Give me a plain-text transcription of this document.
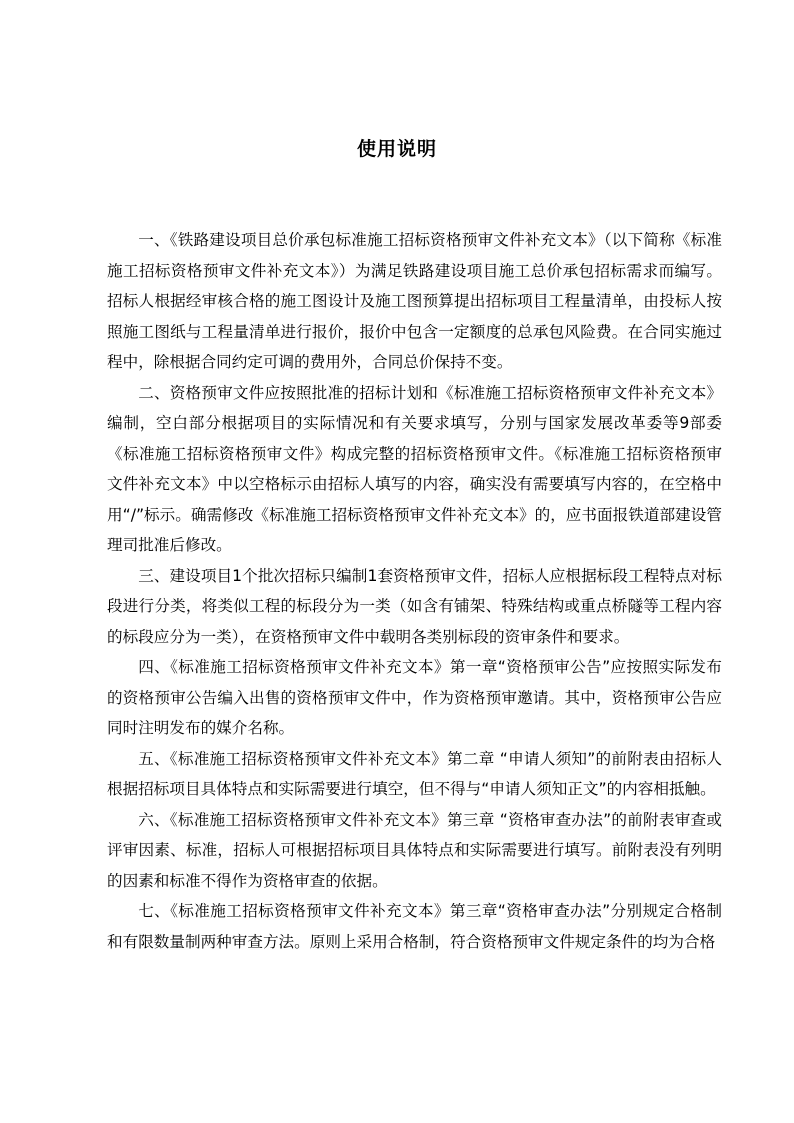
使用说明

一、《铁路建设项目总价承包标准施工招标资格预审文件补充文本》（以下简称《标准施工招标资格预审文件补充文本》）为满足铁路建设项目施工总价承包招标需求而编写。招标人根据经审核合格的施工图设计及施工图预算提出招标项目工程量清单，由投标人按照施工图纸与工程量清单进行报价，报价中包含一定额度的总承包风险费。在合同实施过程中，除根据合同约定可调的费用外，合同总价保持不变。

二、资格预审文件应按照批准的招标计划和《标准施工招标资格预审文件补充文本》编制，空白部分根据项目的实际情况和有关要求填写，分别与国家发展改革委等9部委《标准施工招标资格预审文件》构成完整的招标资格预审文件。《标准施工招标资格预审文件补充文本》中以空格标示由招标人填写的内容，确实没有需要填写内容的，在空格中用“/”标示。确需修改《标准施工招标资格预审文件补充文本》的，应书面报铁道部建设管理司批准后修改。

三、建设项目1个批次招标只编制1套资格预审文件，招标人应根据标段工程特点对标段进行分类，将类似工程的标段分为一类（如含有铺架、特殊结构或重点桥隧等工程内容的标段应分为一类），在资格预审文件中载明各类别标段的资审条件和要求。

四、《标准施工招标资格预审文件补充文本》第一章“资格预审公告”应按照实际发布的资格预审公告编入出售的资格预审文件中，作为资格预审邀请。其中，资格预审公告应同时注明发布的媒介名称。

五、《标准施工招标资格预审文件补充文本》第二章 “申请人须知”的前附表由招标人根据招标项目具体特点和实际需要进行填空，但不得与“申请人须知正文”的内容相抵触。

六、《标准施工招标资格预审文件补充文本》第三章 “资格审查办法”的前附表审查或评审因素、标准，招标人可根据招标项目具体特点和实际需要进行填写。前附表没有列明的因素和标准不得作为资格审查的依据。

七、《标准施工招标资格预审文件补充文本》第三章“资格审查办法”分别规定合格制和有限数量制两种审查方法。原则上采用合格制，符合资格预审文件规定条件的均为合格
